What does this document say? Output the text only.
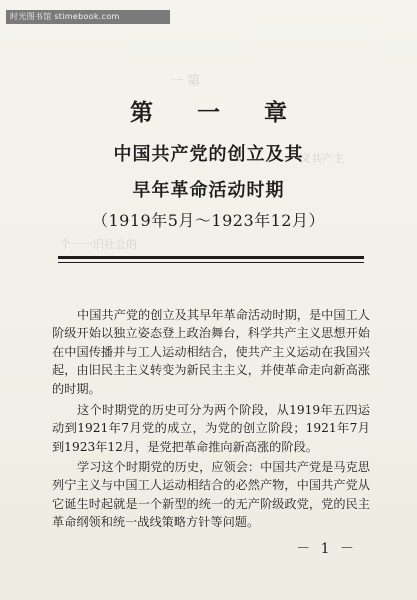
时光图书馆 stimebook.com
一 第
义共产主
个一一旧社会的
第 一 章
中国共产党的创立及其
早年革命活动时期
（1919年5月～1923年12月）

中国共产党的创立及其早年革命活动时期，是中国工人阶级开始以独立姿态登上政治舞台，科学共产主义思想开始在中国传播并与工人运动相结合，使共产主义运动在我国兴起，由旧民主主义转变为新民主主义，并使革命走向新高涨的时期。

这个时期党的历史可分为两个阶段，从1919年五四运动到1921年7月党的成立，为党的创立阶段；1921年7月到1923年12月，是党把革命推向新高涨的阶段。

学习这个时期党的历史，应领会：中国共产党是马克思列宁主义与中国工人运动相结合的必然产物，中国共产党从它诞生时起就是一个新型的统一的无产阶级政党，党的民主革命纲领和统一战线策略方针等问题。

－ 1 －
